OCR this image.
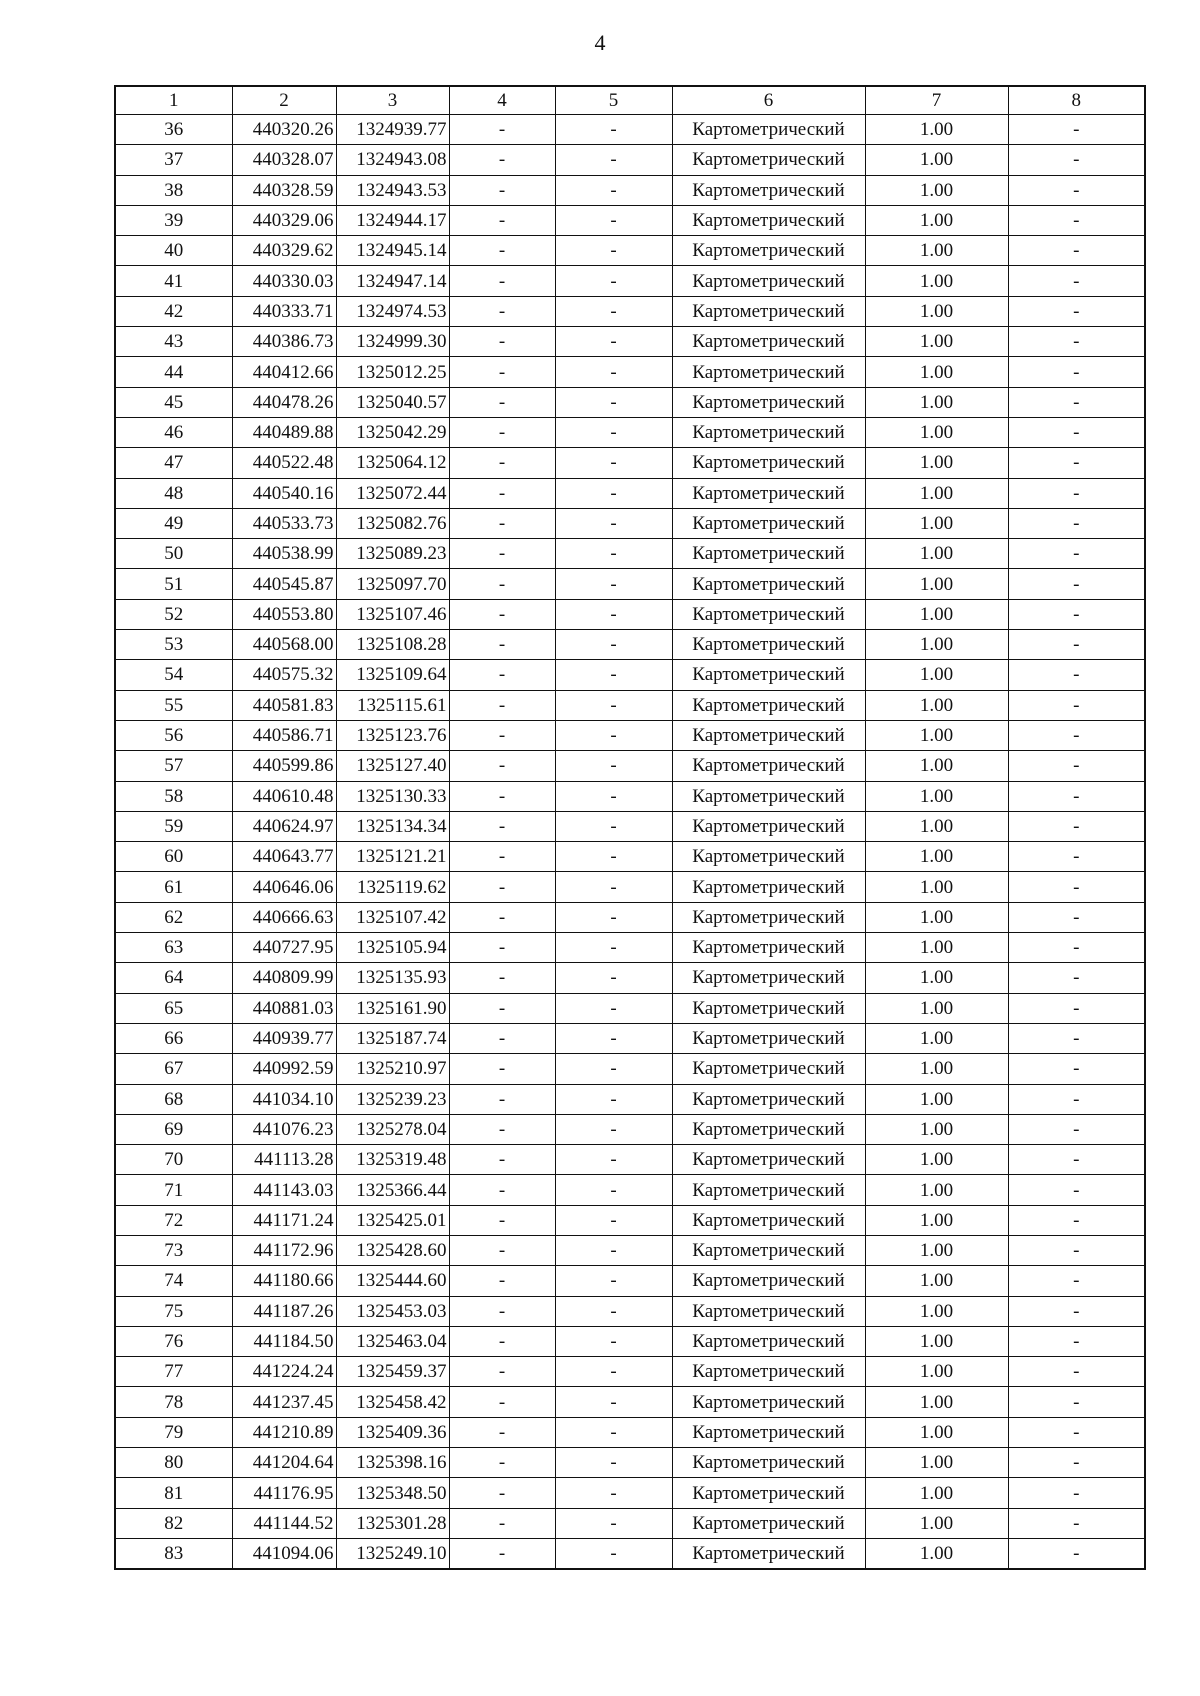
4
1	2	3	4	5	6	7	8
36	440320.26	1324939.77	-	-	Картометрический	1.00	-
37	440328.07	1324943.08	-	-	Картометрический	1.00	-
38	440328.59	1324943.53	-	-	Картометрический	1.00	-
39	440329.06	1324944.17	-	-	Картометрический	1.00	-
40	440329.62	1324945.14	-	-	Картометрический	1.00	-
41	440330.03	1324947.14	-	-	Картометрический	1.00	-
42	440333.71	1324974.53	-	-	Картометрический	1.00	-
43	440386.73	1324999.30	-	-	Картометрический	1.00	-
44	440412.66	1325012.25	-	-	Картометрический	1.00	-
45	440478.26	1325040.57	-	-	Картометрический	1.00	-
46	440489.88	1325042.29	-	-	Картометрический	1.00	-
47	440522.48	1325064.12	-	-	Картометрический	1.00	-
48	440540.16	1325072.44	-	-	Картометрический	1.00	-
49	440533.73	1325082.76	-	-	Картометрический	1.00	-
50	440538.99	1325089.23	-	-	Картометрический	1.00	-
51	440545.87	1325097.70	-	-	Картометрический	1.00	-
52	440553.80	1325107.46	-	-	Картометрический	1.00	-
53	440568.00	1325108.28	-	-	Картометрический	1.00	-
54	440575.32	1325109.64	-	-	Картометрический	1.00	-
55	440581.83	1325115.61	-	-	Картометрический	1.00	-
56	440586.71	1325123.76	-	-	Картометрический	1.00	-
57	440599.86	1325127.40	-	-	Картометрический	1.00	-
58	440610.48	1325130.33	-	-	Картометрический	1.00	-
59	440624.97	1325134.34	-	-	Картометрический	1.00	-
60	440643.77	1325121.21	-	-	Картометрический	1.00	-
61	440646.06	1325119.62	-	-	Картометрический	1.00	-
62	440666.63	1325107.42	-	-	Картометрический	1.00	-
63	440727.95	1325105.94	-	-	Картометрический	1.00	-
64	440809.99	1325135.93	-	-	Картометрический	1.00	-
65	440881.03	1325161.90	-	-	Картометрический	1.00	-
66	440939.77	1325187.74	-	-	Картометрический	1.00	-
67	440992.59	1325210.97	-	-	Картометрический	1.00	-
68	441034.10	1325239.23	-	-	Картометрический	1.00	-
69	441076.23	1325278.04	-	-	Картометрический	1.00	-
70	441113.28	1325319.48	-	-	Картометрический	1.00	-
71	441143.03	1325366.44	-	-	Картометрический	1.00	-
72	441171.24	1325425.01	-	-	Картометрический	1.00	-
73	441172.96	1325428.60	-	-	Картометрический	1.00	-
74	441180.66	1325444.60	-	-	Картометрический	1.00	-
75	441187.26	1325453.03	-	-	Картометрический	1.00	-
76	441184.50	1325463.04	-	-	Картометрический	1.00	-
77	441224.24	1325459.37	-	-	Картометрический	1.00	-
78	441237.45	1325458.42	-	-	Картометрический	1.00	-
79	441210.89	1325409.36	-	-	Картометрический	1.00	-
80	441204.64	1325398.16	-	-	Картометрический	1.00	-
81	441176.95	1325348.50	-	-	Картометрический	1.00	-
82	441144.52	1325301.28	-	-	Картометрический	1.00	-
83	441094.06	1325249.10	-	-	Картометрический	1.00	-
